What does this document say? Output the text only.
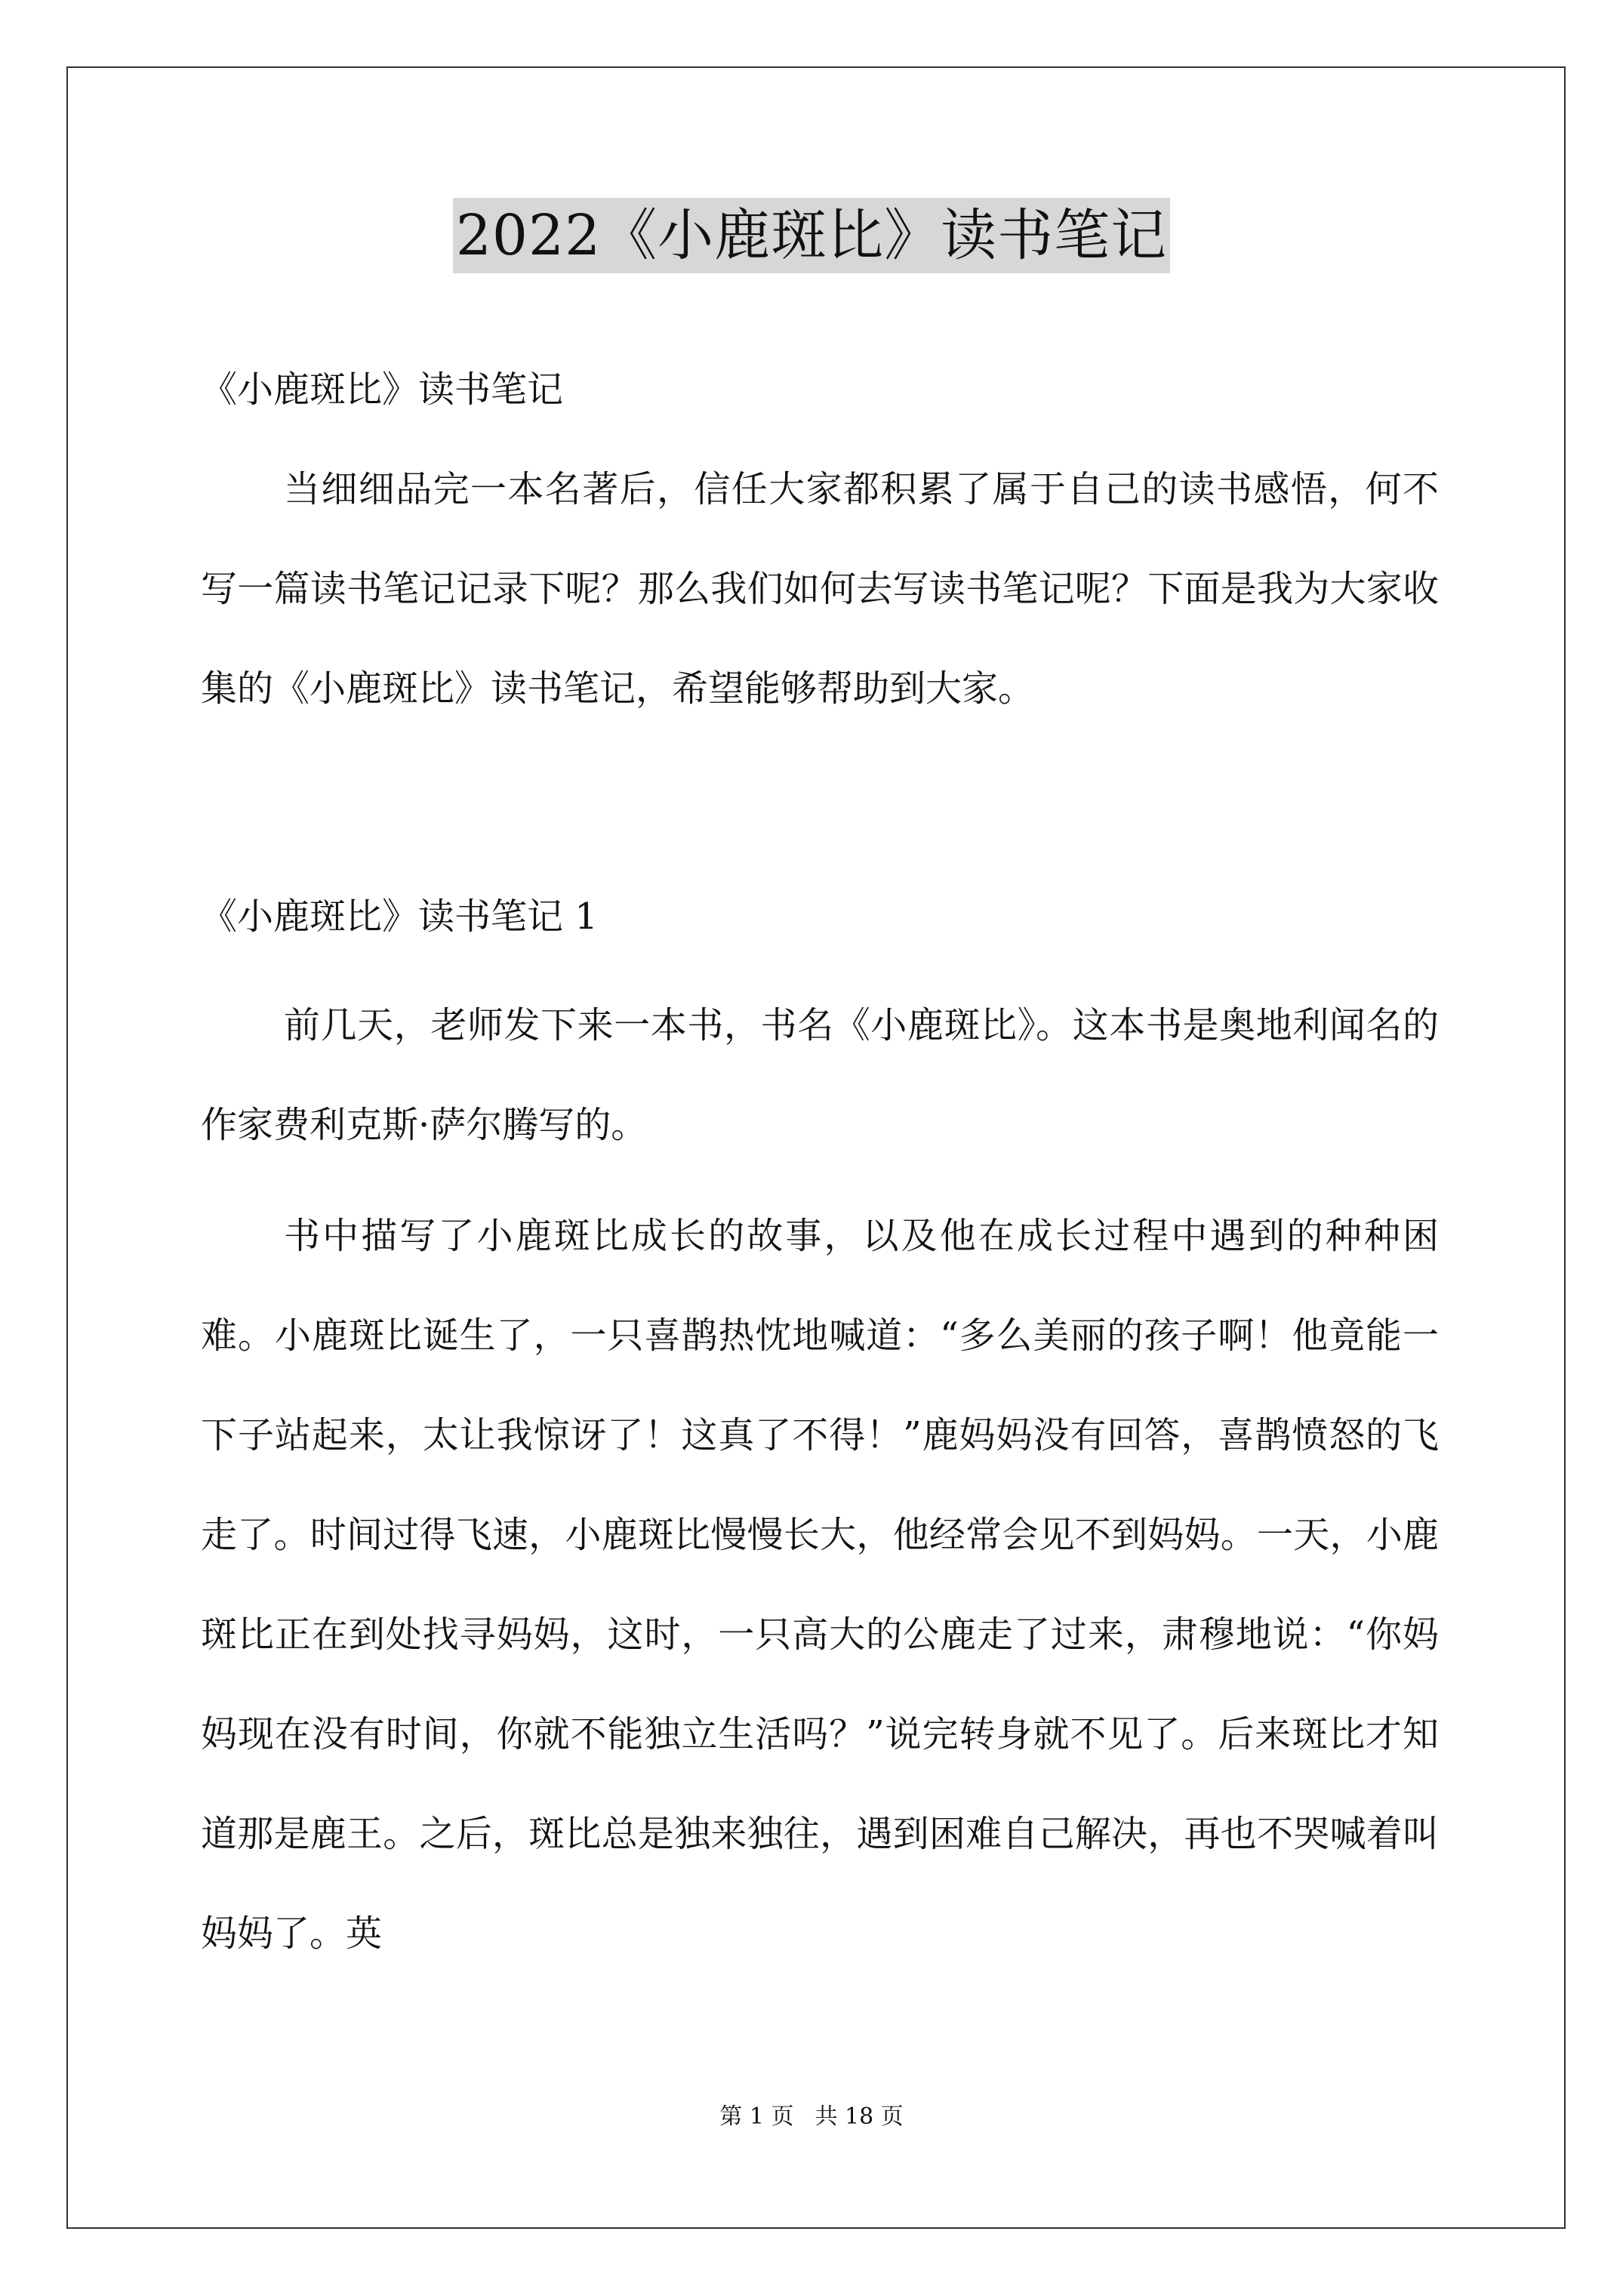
2022《小鹿斑比》读书笔记

《小鹿斑比》读书笔记

当细细品完一本名著后，信任大家都积累了属于自己的读书感悟，何不写一篇读书笔记记录下呢？那么我们如何去写读书笔记呢？下面是我为大家收集的《小鹿斑比》读书笔记，希望能够帮助到大家。

《小鹿斑比》读书笔记 1

前几天，老师发下来一本书，书名《小鹿斑比》。这本书是奥地利闻名的作家费利克斯·萨尔腾写的。

书中描写了小鹿斑比成长的故事，以及他在成长过程中遇到的种种困难。小鹿斑比诞生了，一只喜鹊热忱地喊道：“多么美丽的孩子啊！他竟能一下子站起来，太让我惊讶了！这真了不得！”鹿妈妈没有回答，喜鹊愤怒的飞走了。时间过得飞速，小鹿斑比慢慢长大，他经常会见不到妈妈。一天，小鹿斑比正在到处找寻妈妈，这时，一只高大的公鹿走了过来，肃穆地说：“你妈妈现在没有时间，你就不能独立生活吗？”说完转身就不见了。后来斑比才知道那是鹿王。之后，斑比总是独来独往，遇到困难自己解决，再也不哭喊着叫妈妈了。英

第 1 页 共 18 页
